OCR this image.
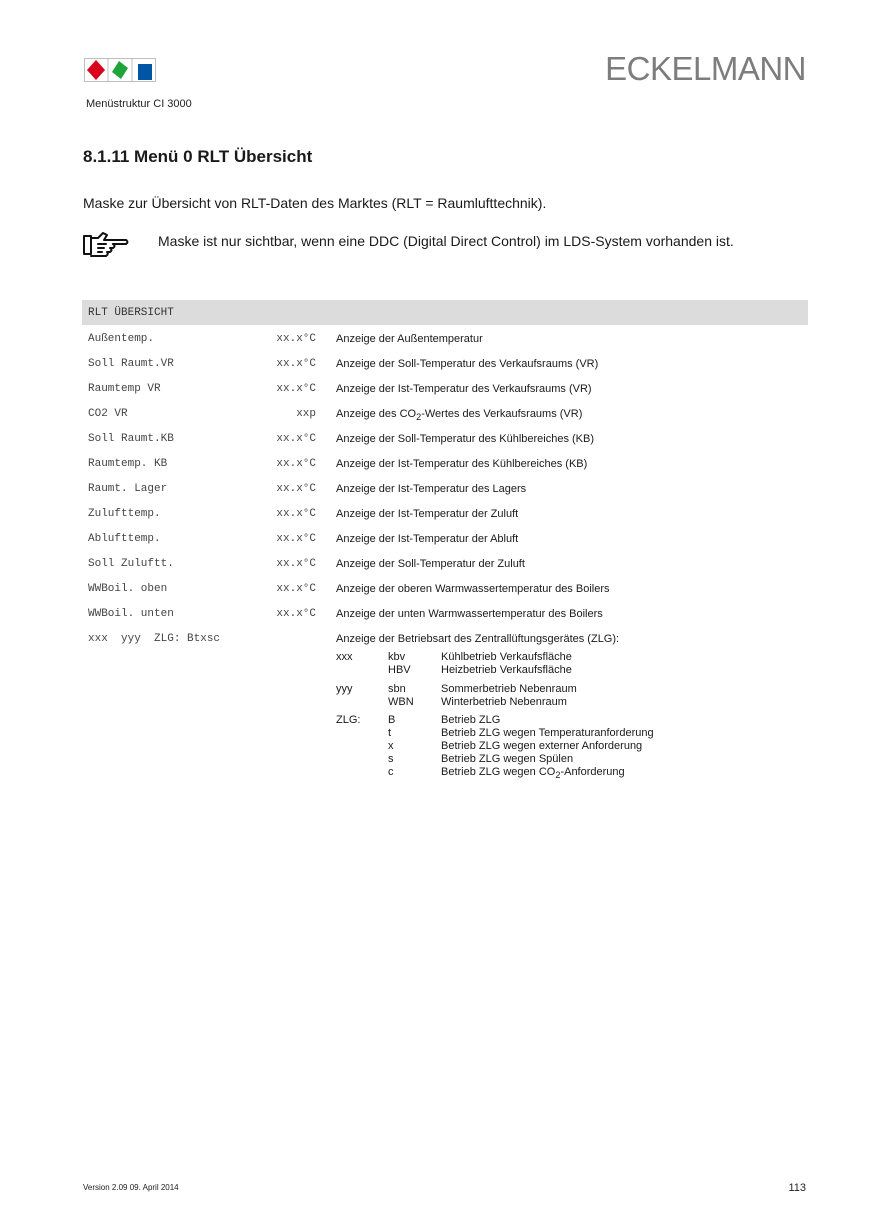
ECKELMANN
Menüstruktur CI 3000
8.1.11 Menü 0 RLT Übersicht
Maske zur Übersicht von RLT-Daten des Marktes (RLT = Raumlufttechnik).
Maske ist nur sichtbar, wenn eine DDC (Digital Direct Control) im LDS-System vorhanden ist.
RLT ÜBERSICHT
Außentemp.	xx.x°C Anzeige der Außentemperatur
Soll Raumt.VR	xx.x°C Anzeige der Soll-Temperatur des Verkaufsraums (VR)
Raumtemp VR	xx.x°C Anzeige der Ist-Temperatur des Verkaufsraums (VR)
CO2 VR	xxp Anzeige des $CO_2$-Wertes des Verkaufsraums (VR)
Soll Raumt.KB	xx.x°C Anzeige der Soll-Temperatur des Kühlbereiches (KB)
Raumtemp. KB	xx.x°C Anzeige der Ist-Temperatur des Kühlbereiches (KB)
Raumt. Lager	xx.x°C Anzeige der Ist-Temperatur des Lagers
Zulufttemp.	xx.x°C Anzeige der Ist-Temperatur der Zuluft
Ablufttemp.	xx.x°C Anzeige der Ist-Temperatur der Abluft
Soll Zuluftt.	xx.x°C Anzeige der Soll-Temperatur der Zuluft
WWBoil. oben	xx.x°C Anzeige der oberen Warmwassertemperatur des Boilers
WWBoil. unten	xx.x°C Anzeige der unten Warmwassertemperatur des Boilers
xxx  yyy  ZLG: Btxsc	Anzeige der Betriebsart des Zentrallüftungsgerätes (ZLG):
xxx	kbv	Kühlbetrieb Verkaufsfläche
HBV	Heizbetrieb Verkaufsfläche
yyy	sbn	Sommerbetrieb Nebenraum
WBN Winterbetrieb Nebenraum
ZLG:	B	Betrieb ZLG
t	Betrieb ZLG wegen Temperaturanforderung
x	Betrieb ZLG wegen externer Anforderung
s	Betrieb ZLG wegen Spülen
c	Betrieb ZLG wegen $CO_2$-Anforderung
Version 2.09 09. April 2014	113
